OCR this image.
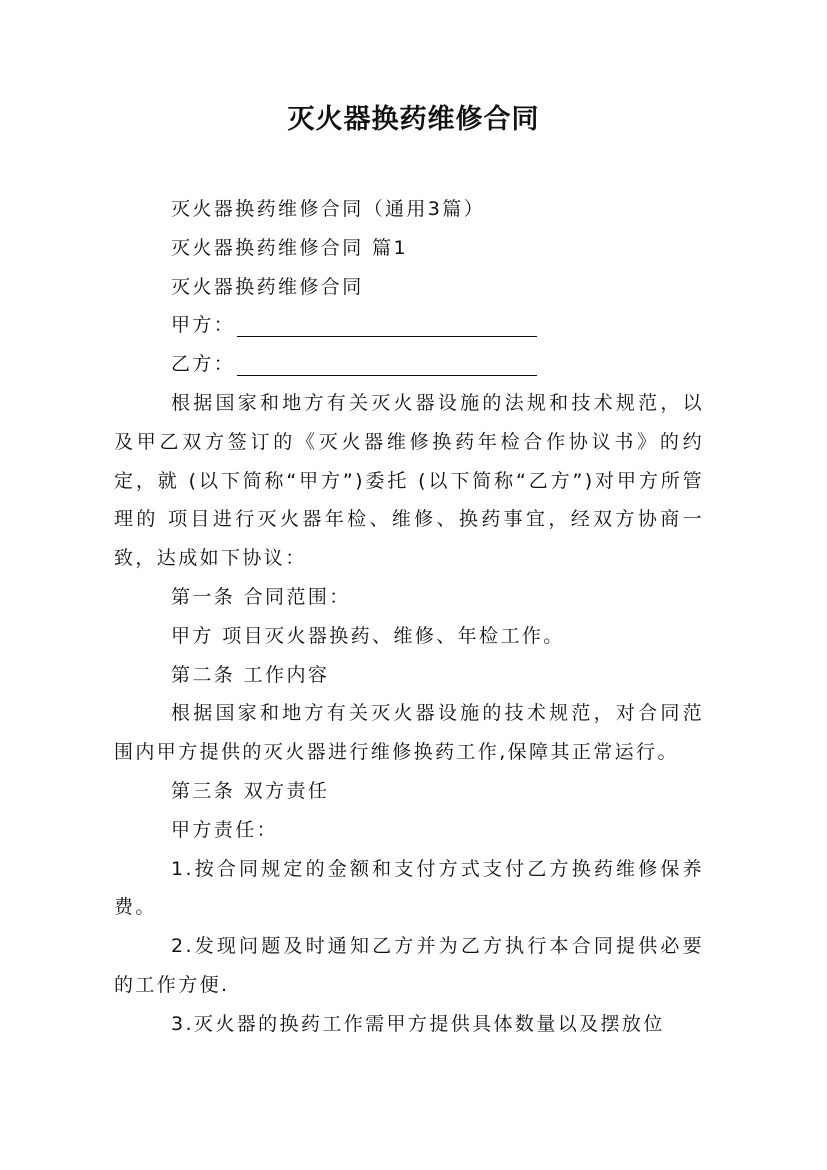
灭火器换药维修合同

灭火器换药维修合同（通用3篇）

灭火器换药维修合同 篇1

灭火器换药维修合同

甲方：

乙方：

根据国家和地方有关灭火器设施的法规和技术规范，以及甲乙双方签订的《灭火器维修换药年检合作协议书》的约定，就 (以下简称“甲方”)委托 (以下简称“乙方”)对甲方所管理的 项目进行灭火器年检、维修、换药事宜，经双方协商一致，达成如下协议：

第一条 合同范围：

甲方 项目灭火器换药、维修、年检工作。

第二条 工作内容

根据国家和地方有关灭火器设施的技术规范，对合同范围内甲方提供的灭火器进行维修换药工作,保障其正常运行。

第三条 双方责任

甲方责任：

1.按合同规定的金额和支付方式支付乙方换药维修保养费。

2.发现问题及时通知乙方并为乙方执行本合同提供必要的工作方便.

3.灭火器的换药工作需甲方提供具体数量以及摆放位
